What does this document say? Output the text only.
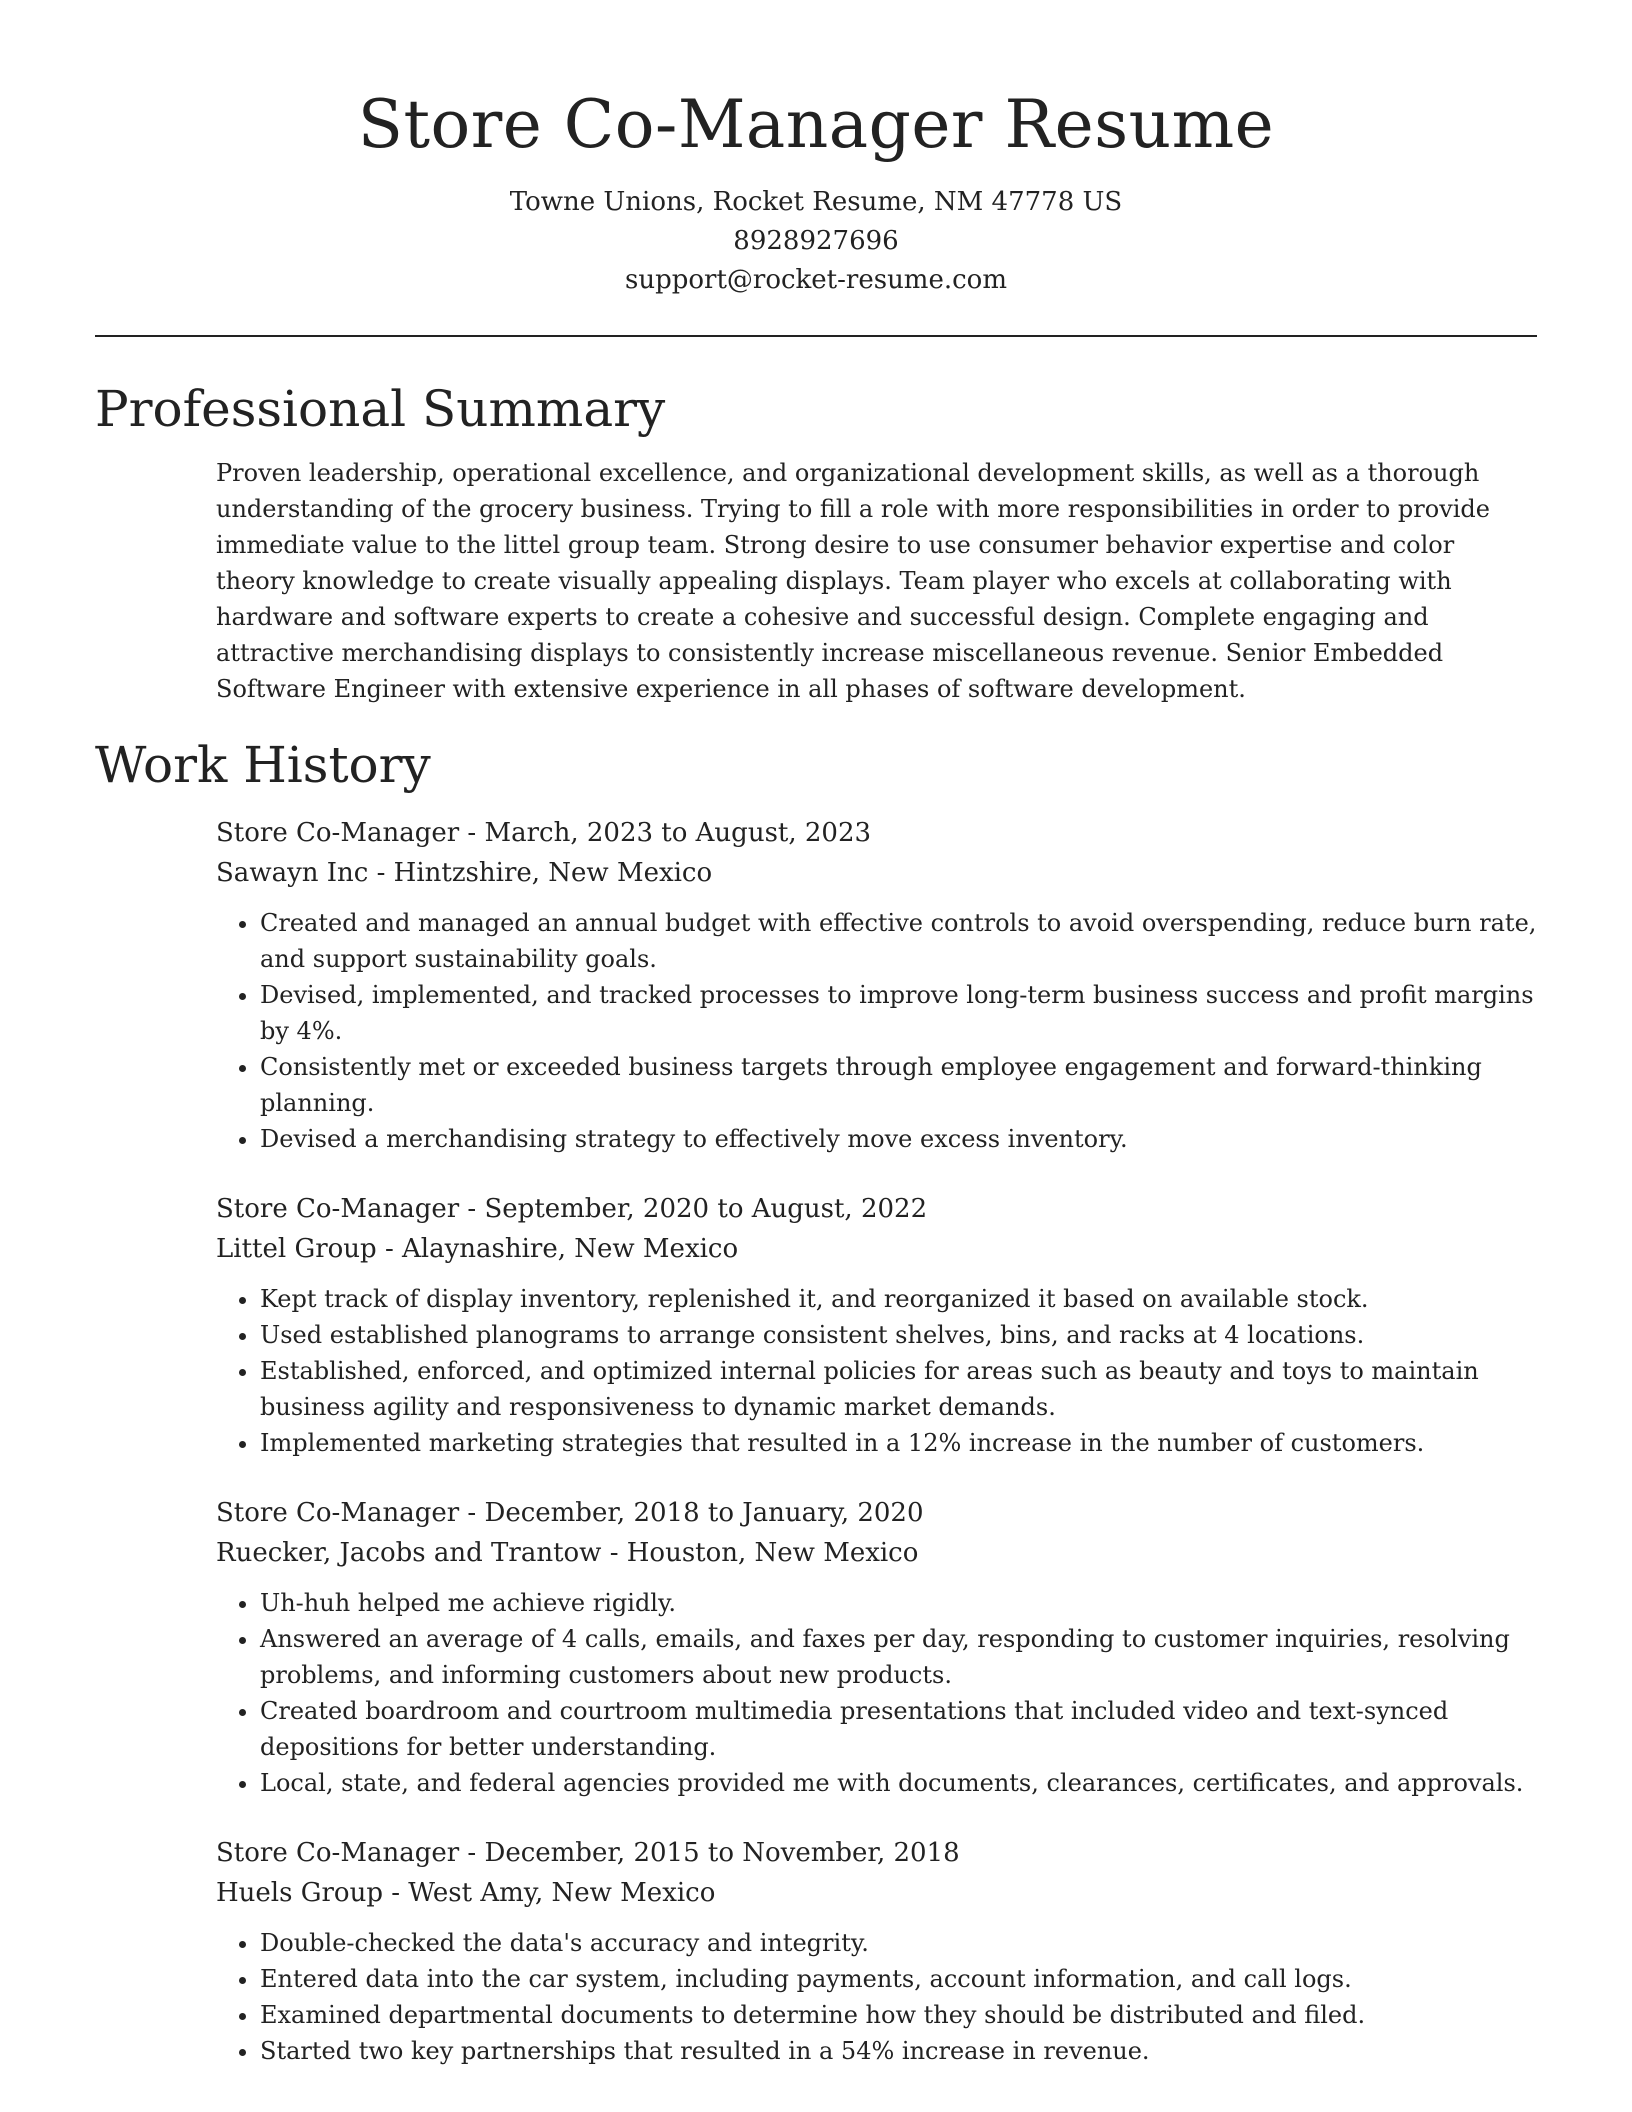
Store Co-Manager Resume
Towne Unions, Rocket Resume, NM 47778 US
8928927696
support@rocket-resume.com
Professional Summary

Proven leadership, operational excellence, and organizational development skills, as well as a thorough understanding of the grocery business. Trying to fill a role with more responsibilities in order to provide immediate value to the littel group team. Strong desire to use consumer behavior expertise and color theory knowledge to create visually appealing displays. Team player who excels at collaborating with hardware and software experts to create a cohesive and successful design. Complete engaging and attractive merchandising displays to consistently increase miscellaneous revenue. Senior Embedded Software Engineer with extensive experience in all phases of software development.

Work History
Store Co-Manager - March, 2023 to August, 2023
Sawayn Inc - Hintzshire, New Mexico
• Created and managed an annual budget with effective controls to avoid overspending, reduce burn rate, and support sustainability goals.
• Devised, implemented, and tracked processes to improve long-term business success and profit margins by 4%.
• Consistently met or exceeded business targets through employee engagement and forward-thinking planning.
• Devised a merchandising strategy to effectively move excess inventory.
Store Co-Manager - September, 2020 to August, 2022
Littel Group - Alaynashire, New Mexico
• Kept track of display inventory, replenished it, and reorganized it based on available stock.
• Used established planograms to arrange consistent shelves, bins, and racks at 4 locations.
• Established, enforced, and optimized internal policies for areas such as beauty and toys to maintain business agility and responsiveness to dynamic market demands.
• Implemented marketing strategies that resulted in a 12% increase in the number of customers.
Store Co-Manager - December, 2018 to January, 2020
Ruecker, Jacobs and Trantow - Houston, New Mexico
• Uh-huh helped me achieve rigidly.
• Answered an average of 4 calls, emails, and faxes per day, responding to customer inquiries, resolving problems, and informing customers about new products.
• Created boardroom and courtroom multimedia presentations that included video and text-synced depositions for better understanding.
• Local, state, and federal agencies provided me with documents, clearances, certificates, and approvals.
Store Co-Manager - December, 2015 to November, 2018
Huels Group - West Amy, New Mexico
• Double-checked the data's accuracy and integrity.
• Entered data into the car system, including payments, account information, and call logs.
• Examined departmental documents to determine how they should be distributed and filed.
• Started two key partnerships that resulted in a 54% increase in revenue.
